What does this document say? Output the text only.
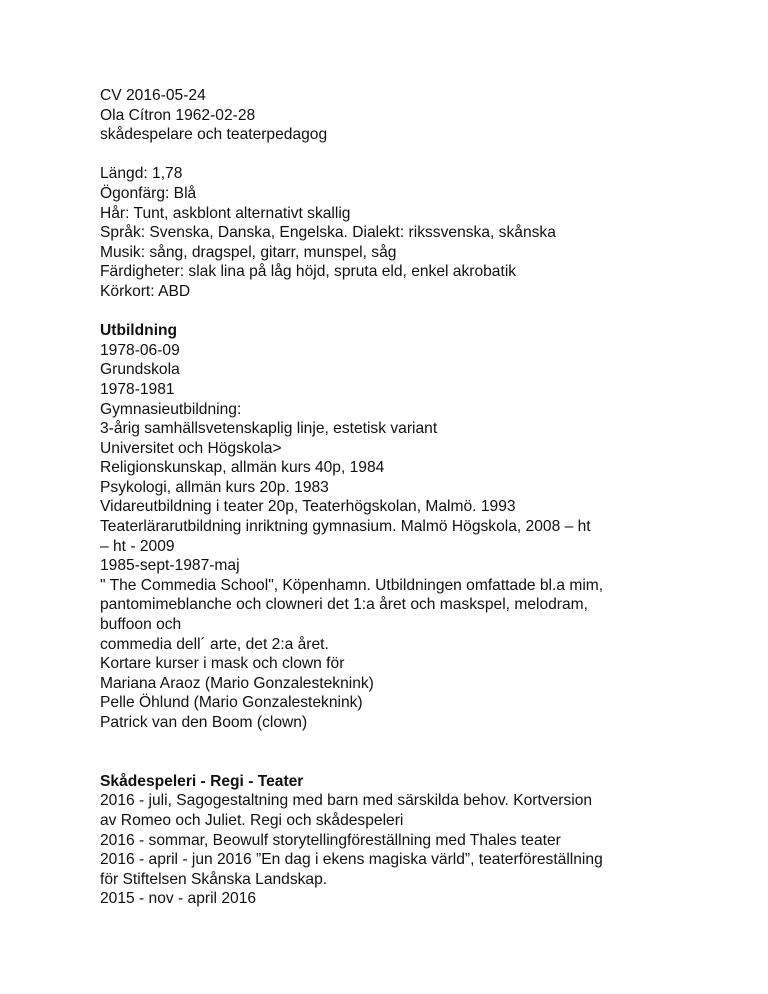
CV 2016-05-24
Ola Cítron 1962-02-28
skådespelare och teaterpedagog
Längd: 1,78
Ögonfärg: Blå
Hår: Tunt, askblont alternativt skallig
Språk: Svenska, Danska, Engelska. Dialekt: rikssvenska, skånska
Musik: sång, dragspel, gitarr, munspel, såg
Färdigheter: slak lina på låg höjd, spruta eld, enkel akrobatik
Körkort: ABD
Utbildning
1978-06-09
Grundskola
1978-1981
Gymnasieutbildning:
3-årig samhällsvetenskaplig linje, estetisk variant
Universitet och Högskola>
Religionskunskap, allmän kurs 40p, 1984
Psykologi, allmän kurs 20p. 1983
Vidareutbildning i teater 20p, Teaterhögskolan, Malmö. 1993
Teaterlärarutbildning inriktning gymnasium. Malmö Högskola, 2008 – ht
– ht - 2009
1985-sept-1987-maj
" The Commedia School", Köpenhamn. Utbildningen omfattade bl.a mim,
pantomimeblanche och clowneri det 1:a året och maskspel, melodram,
buffoon och
commedia dell´ arte, det 2:a året.
Kortare kurser i mask och clown för
Mariana Araoz (Mario Gonzalesteknink)
Pelle Öhlund (Mario Gonzalesteknink)
Patrick van den Boom (clown)
Skådespeleri - Regi - Teater
2016 - juli, Sagogestaltning med barn med särskilda behov. Kortversion
av Romeo och Juliet. Regi och skådespeleri
2016 - sommar, Beowulf storytellingföreställning med Thales teater
2016 - april - jun 2016 ”En dag i ekens magiska värld”, teaterföreställning
för Stiftelsen Skånska Landskap.
2015 - nov - april 2016
